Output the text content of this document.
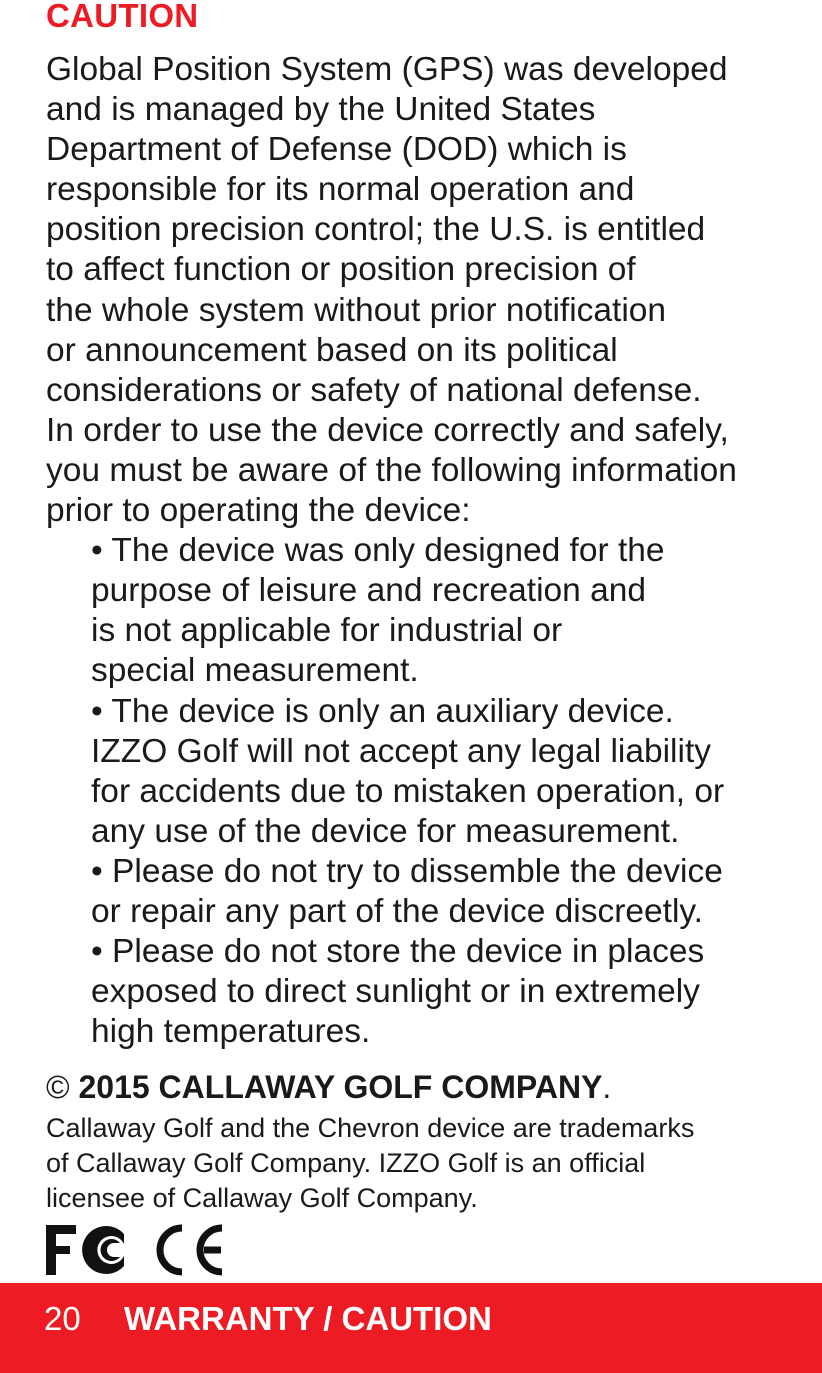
CAUTION
Global Position System (GPS) was developed
and is managed by the United States
Department of Defense (DOD) which is
responsible for its normal operation and
position precision control; the U.S. is entitled
to affect function or position precision of
the whole system without prior notification
or announcement based on its political
considerations or safety of national defense.
In order to use the device correctly and safely,
you must be aware of the following information
prior to operating the device:
• The device was only designed for the
purpose of leisure and recreation and
is not applicable for industrial or
special measurement.
• The device is only an auxiliary device.
IZZO Golf will not accept any legal liability
for accidents due to mistaken operation, or
any use of the device for measurement.
• Please do not try to dissemble the device
or repair any part of the device discreetly.
• Please do not store the device in places
exposed to direct sunlight or in extremely
high temperatures.
© 2015 CALLAWAY GOLF COMPANY.
Callaway Golf and the Chevron device are trademarks
of Callaway Golf Company. IZZO Golf is an official
licensee of Callaway Golf Company.
20 WARRANTY / CAUTION
